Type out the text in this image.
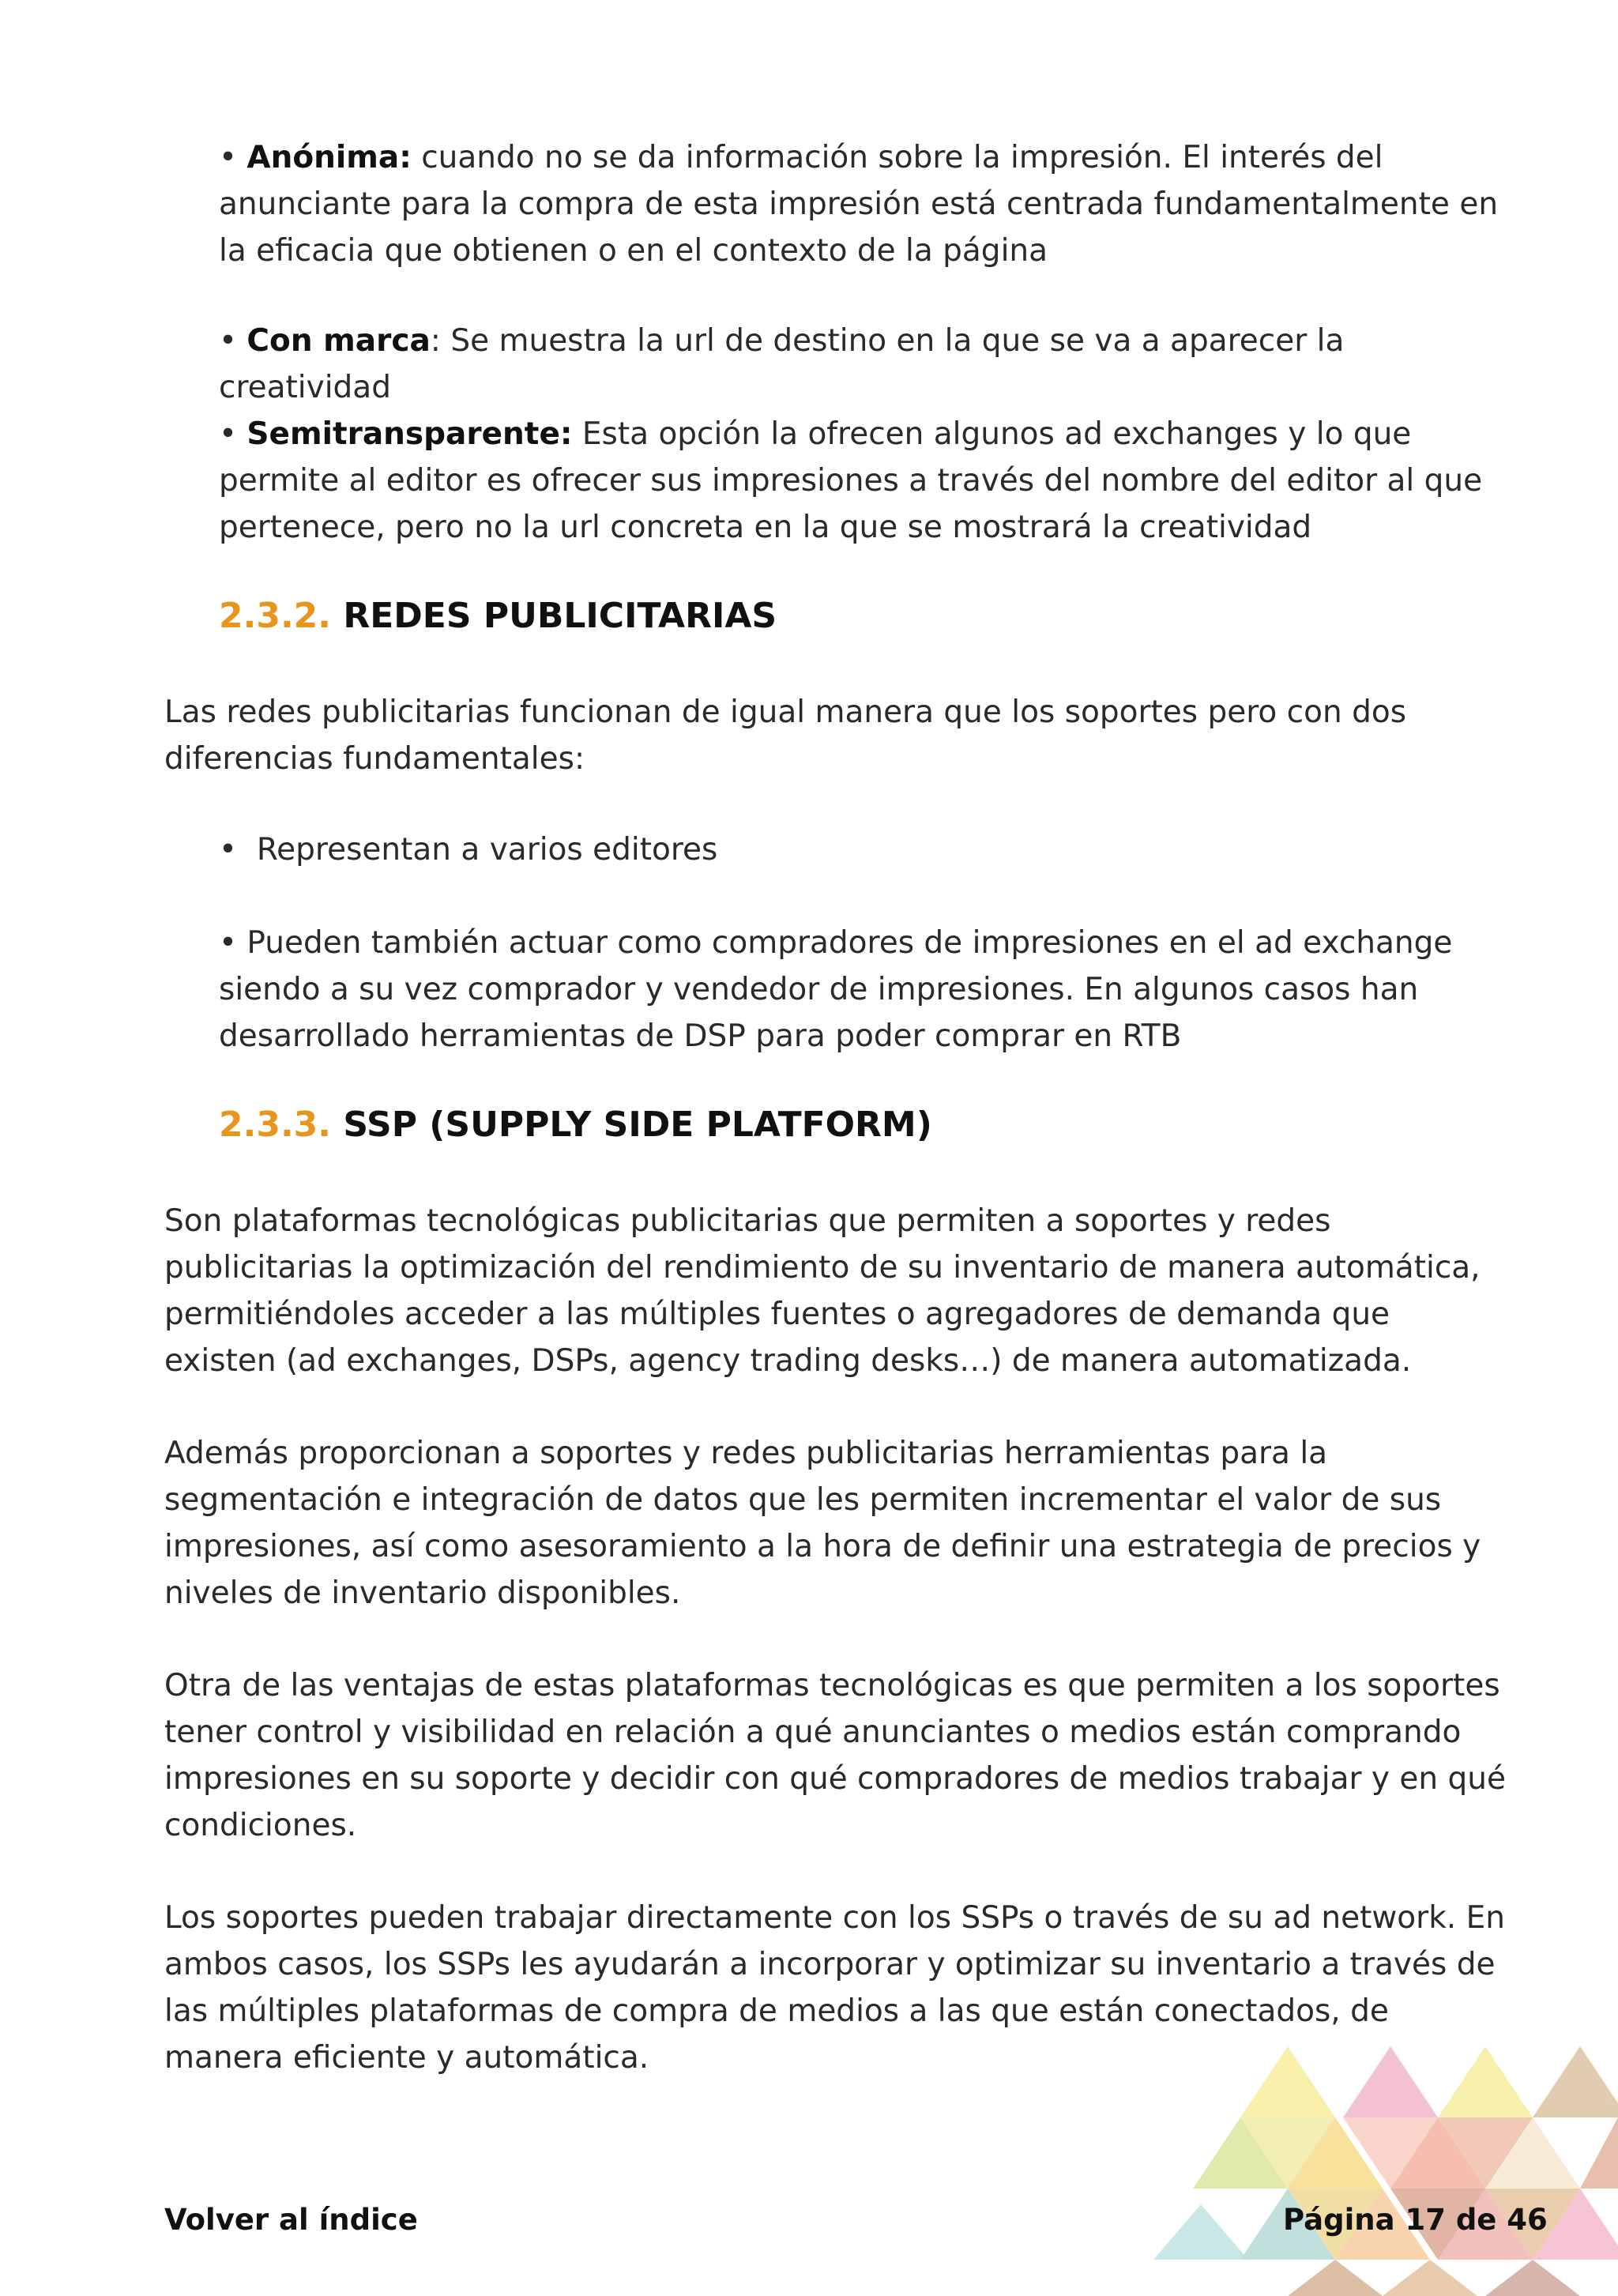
• Anónima: cuando no se da información sobre la impresión. El interés del anunciante para la compra de esta impresión está centrada fundamentalmente en la eficacia que obtienen o en el contexto de la página

• Con marca: Se muestra la url de destino en la que se va a aparecer la creatividad

• Semitransparente: Esta opción la ofrecen algunos ad exchanges y lo que permite al editor es ofrecer sus impresiones a través del nombre del editor al que pertenece, pero no la url concreta en la que se mostrará la creatividad

2.3.2. REDES PUBLICITARIAS

Las redes publicitarias funcionan de igual manera que los soportes pero con dos diferencias fundamentales:

•  Representan a varios editores

• Pueden también actuar como compradores de impresiones en el ad exchange siendo a su vez comprador y vendedor de impresiones. En algunos casos han desarrollado herramientas de DSP para poder comprar en RTB

2.3.3. SSP (SUPPLY SIDE PLATFORM)

Son plataformas tecnológicas publicitarias que permiten a soportes y redes publicitarias la optimización del rendimiento de su inventario de manera automática, permitiéndoles acceder a las múltiples fuentes o agregadores de demanda que existen (ad exchanges, DSPs, agency trading desks…) de manera automatizada.

Además proporcionan a soportes y redes publicitarias herramientas para la segmentación e integración de datos que les permiten incrementar el valor de sus impresiones, así como asesoramiento a la hora de definir una estrategia de precios y niveles de inventario disponibles.

Otra de las ventajas de estas plataformas tecnológicas es que permiten a los soportes tener control y visibilidad en relación a qué anunciantes o medios están comprando impresiones en su soporte y decidir con qué compradores de medios trabajar y en qué condiciones.

Los soportes pueden trabajar directamente con los SSPs o través de su ad network. En ambos casos, los SSPs les ayudarán a incorporar y optimizar su inventario a través de las múltiples plataformas de compra de medios a las que están conectados, de manera eficiente y automática.

Volver al índice	Página 17 de 46
